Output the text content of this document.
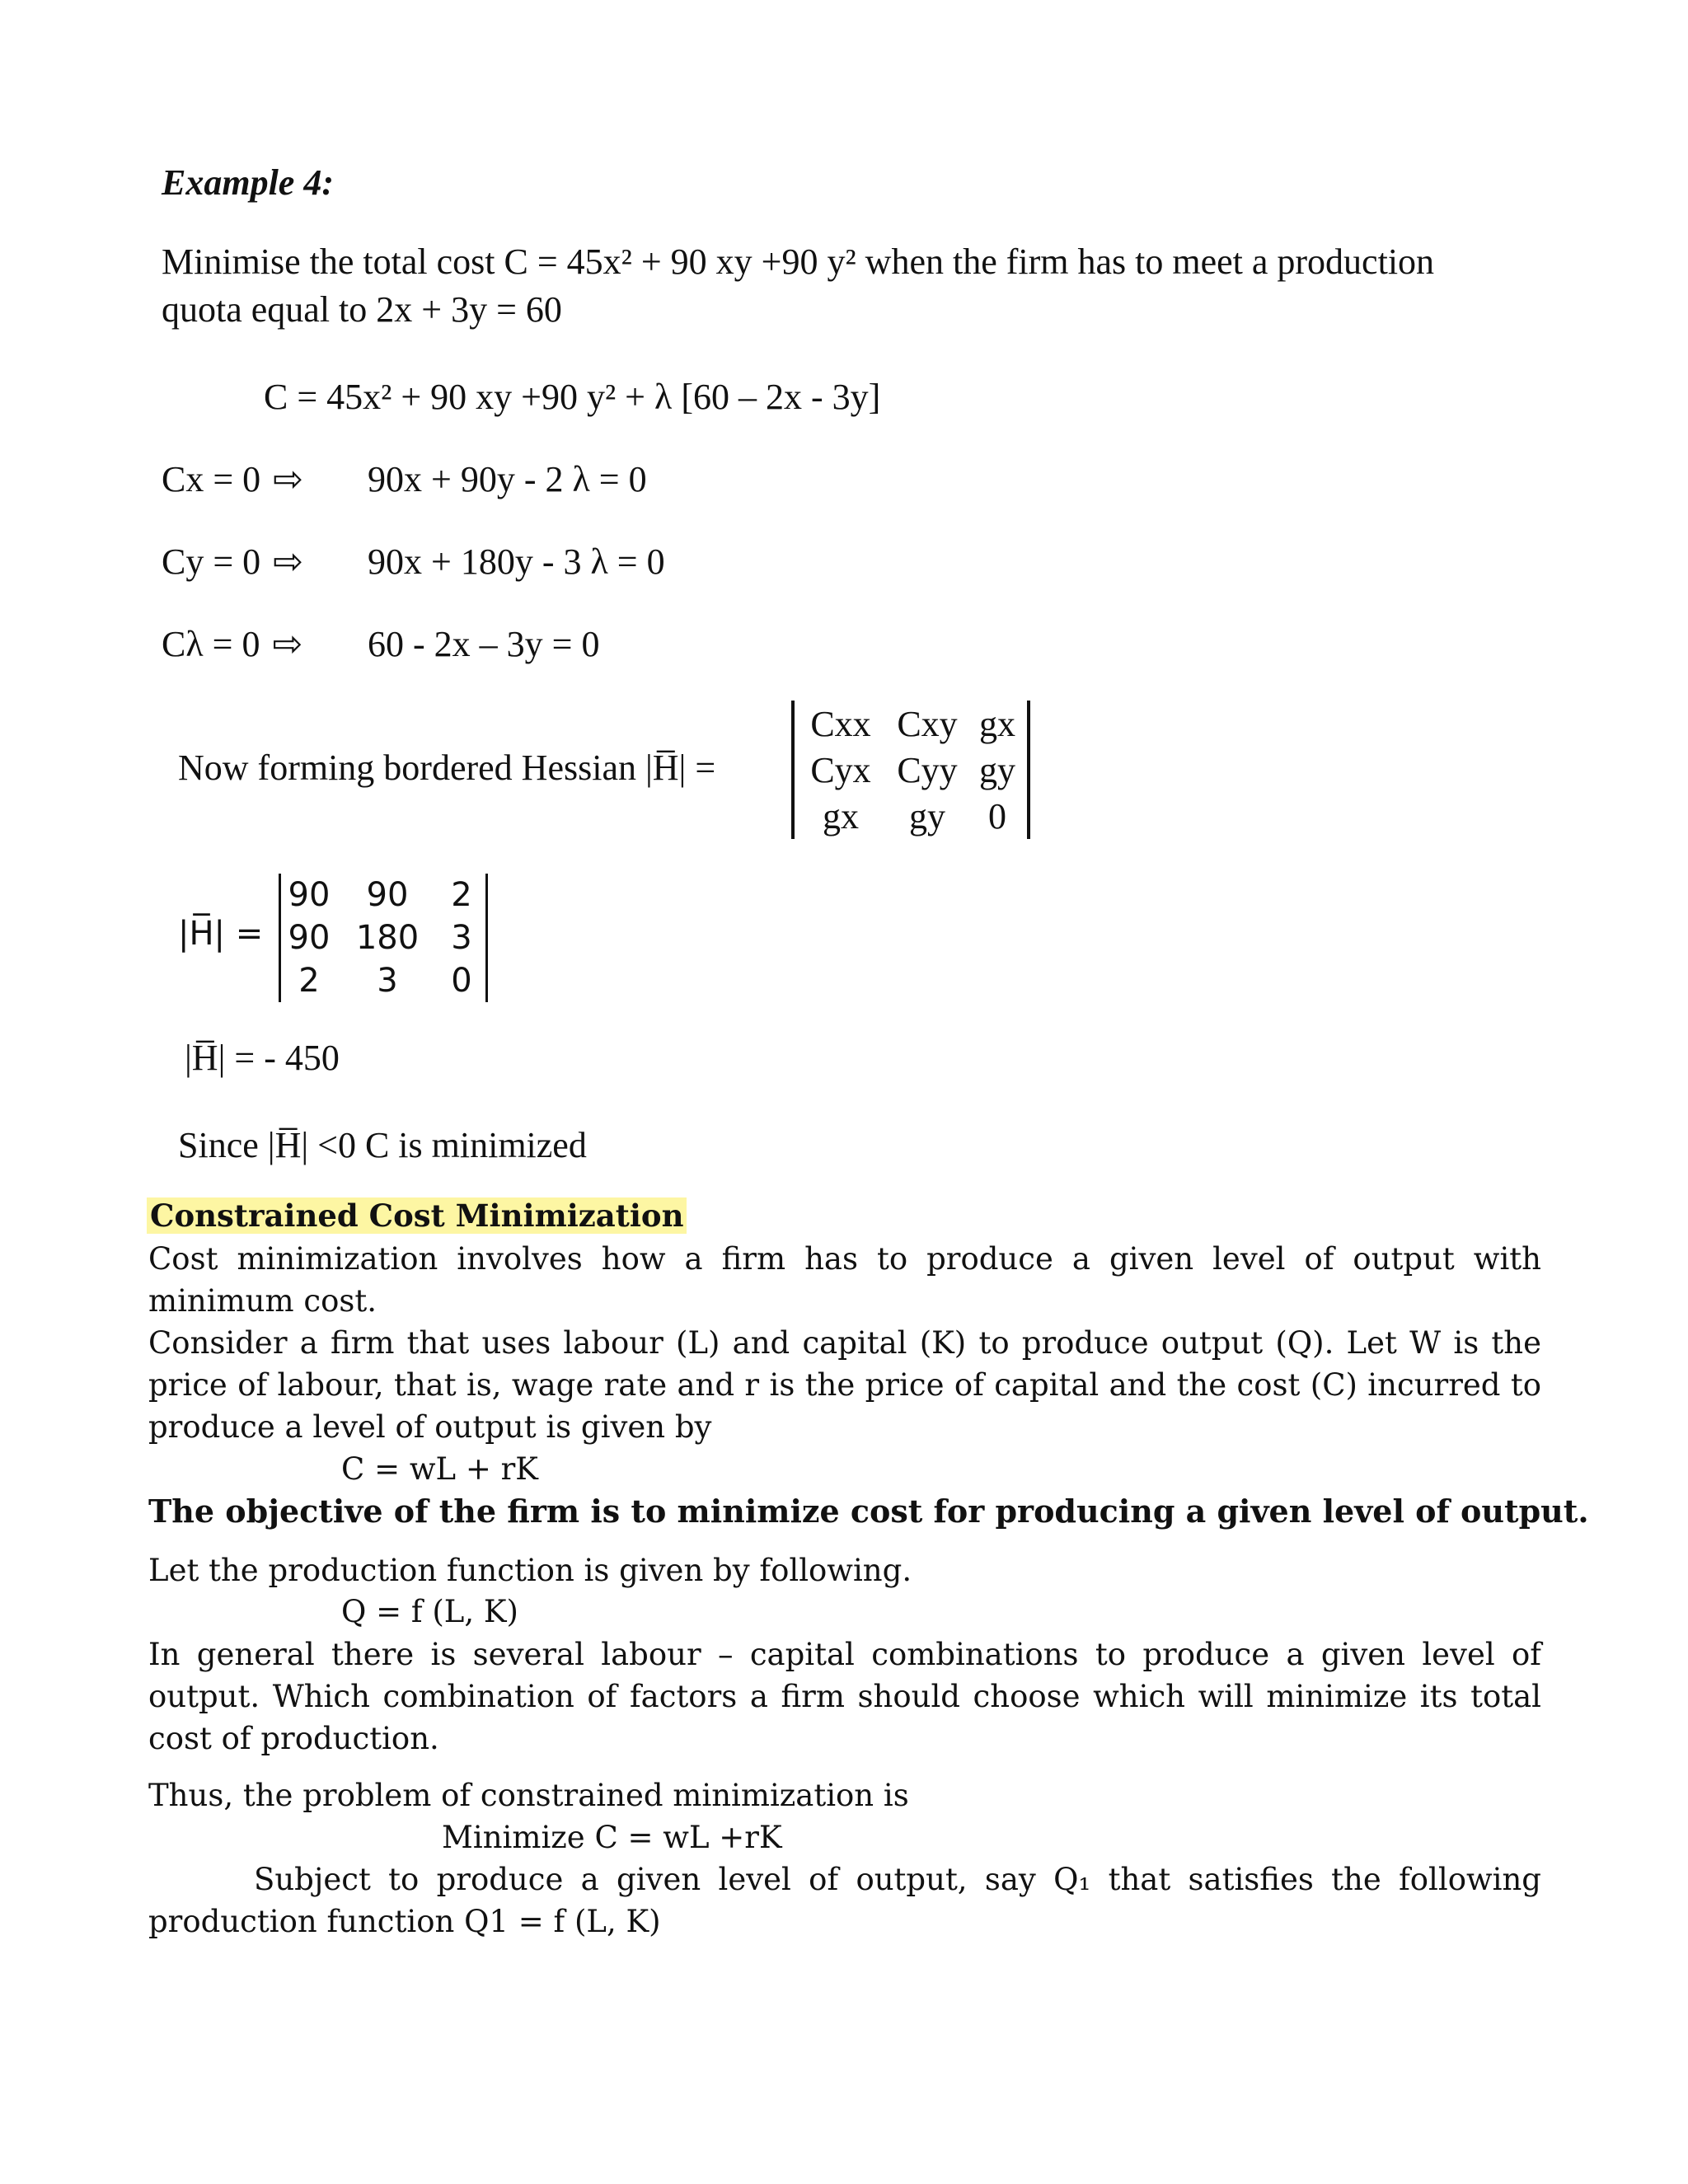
Example 4:
Minimise the total cost C = 45x² + 90 xy +90 y² when the firm has to meet a production
quota equal to 2x + 3y = 60
C = 45x² + 90 xy +90 y² + λ [60 – 2x - 3y]
Cx = 0 ⇨ 90x + 90y - 2 λ = 0
Cy = 0 ⇨ 90x + 180y - 3 λ = 0
Cλ = 0 ⇨ 60 - 2x – 3y = 0
Now forming bordered Hessian |H̅| =
Cxx Cxy gx
Cyx Cyy gy
gx	gy	0
|H̅| =
90	90	2
90 180 3
2	3	0
|H̅| = - 450
Since |H̅| <0 C is minimized
Constrained Cost Minimization
Cost minimization involves how a firm has to produce a given level of output with minimum cost.
Consider a firm that uses labour (L) and capital (K) to produce output (Q). Let W is the price of labour, that is, wage rate and r is the price of capital and the cost (C) incurred to produce a level of output is given by
C = wL + rK
The objective of the firm is to minimize cost for producing a given level of output.
Let the production function is given by following.
Q = f (L, K)
In general there is several labour – capital combinations to produce a given level of output. Which combination of factors a firm should choose which will minimize its total cost of production.
Thus, the problem of constrained minimization is
Minimize C = wL +rK
Subject to produce a given level of output, say Q₁ that satisfies the following production function Q1 = f (L, K)
